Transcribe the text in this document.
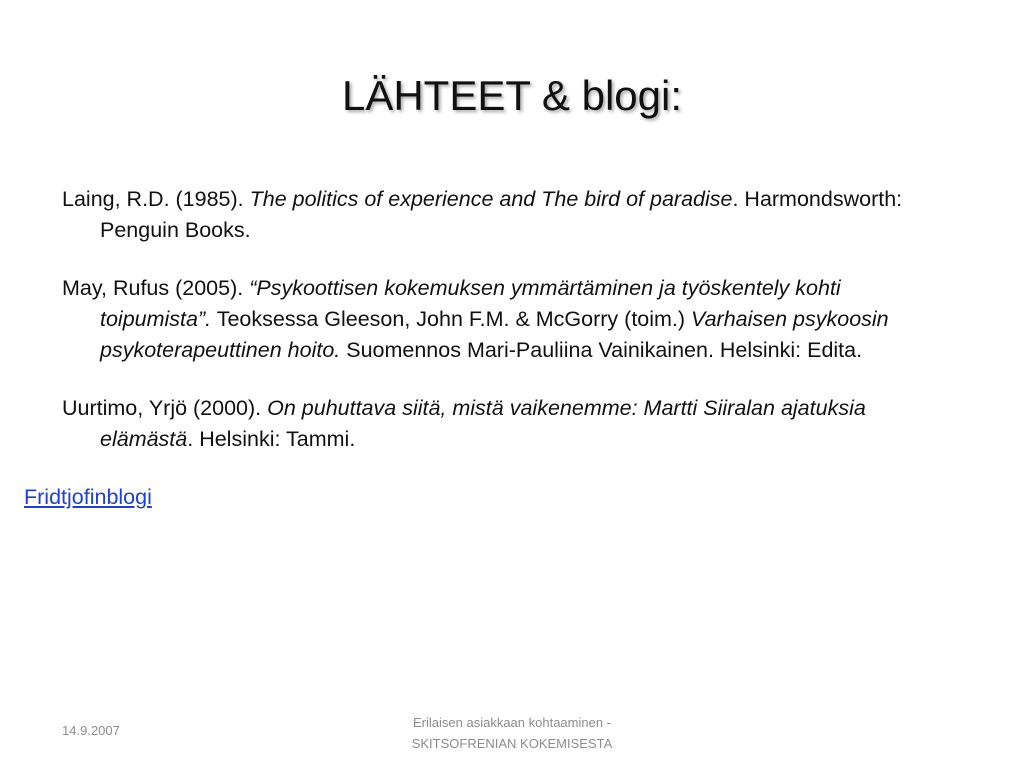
LÄHTEET & blogi:

Laing, R.D. (1985). The politics of experience and The bird of paradise. Harmondsworth: Penguin Books.

May, Rufus (2005). “Psykoottisen kokemuksen ymmärtäminen ja työskentely kohti toipumista”. Teoksessa Gleeson, John F.M. & McGorry (toim.) Varhaisen psykoosin psykoterapeuttinen hoito. Suomennos Mari-Pauliina Vainikainen. Helsinki: Edita.

Uurtimo, Yrjö (2000). On puhuttava siitä, mistä vaikenemme: Martti Siiralan ajatuksia elämästä. Helsinki: Tammi.

Fridtjofinblogi

14.9.2007
Erilaisen asiakkaan kohtaaminen -
SKITSOFRENIAN KOKEMISESTA
